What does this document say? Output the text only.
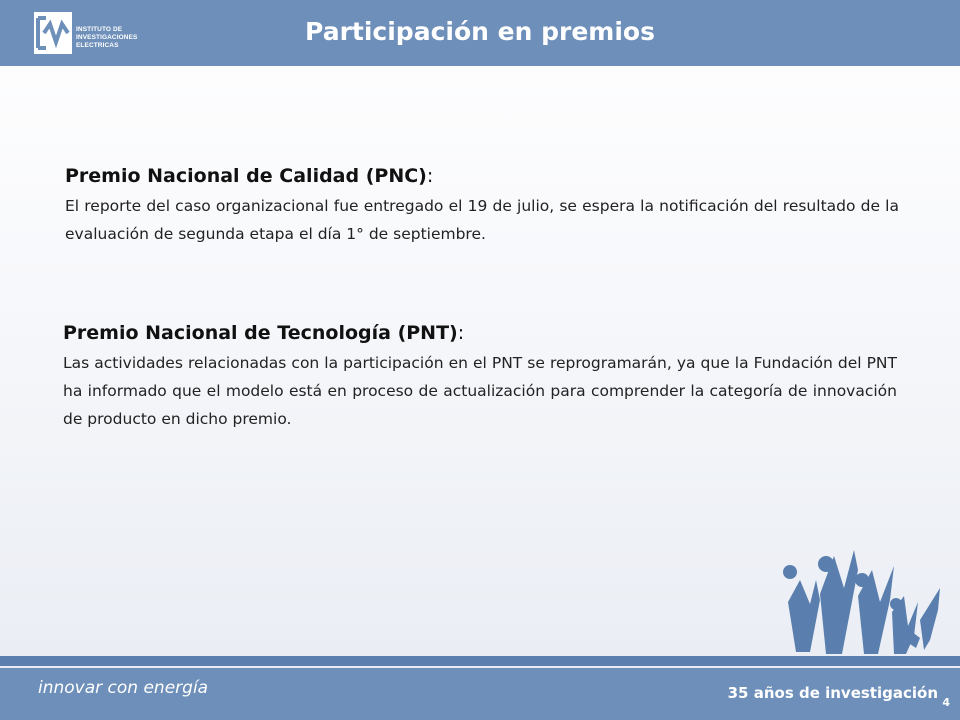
INSTITUTO DE
INVESTIGACIONES
ELECTRICAS	Participación en premios
Premio Nacional de Calidad (PNC):

El reporte del caso organizacional fue entregado el 19 de julio, se espera la notificación del resultado de la evaluación de segunda etapa el día 1° de septiembre.

Premio Nacional de Tecnología (PNT):

Las actividades relacionadas con la participación en el PNT se reprogramarán, ya que la Fundación del PNT ha informado que el modelo está en proceso de actualización para comprender la categoría de innovación de producto en dicho premio.

innovar con energía	35 años de investigación
4
